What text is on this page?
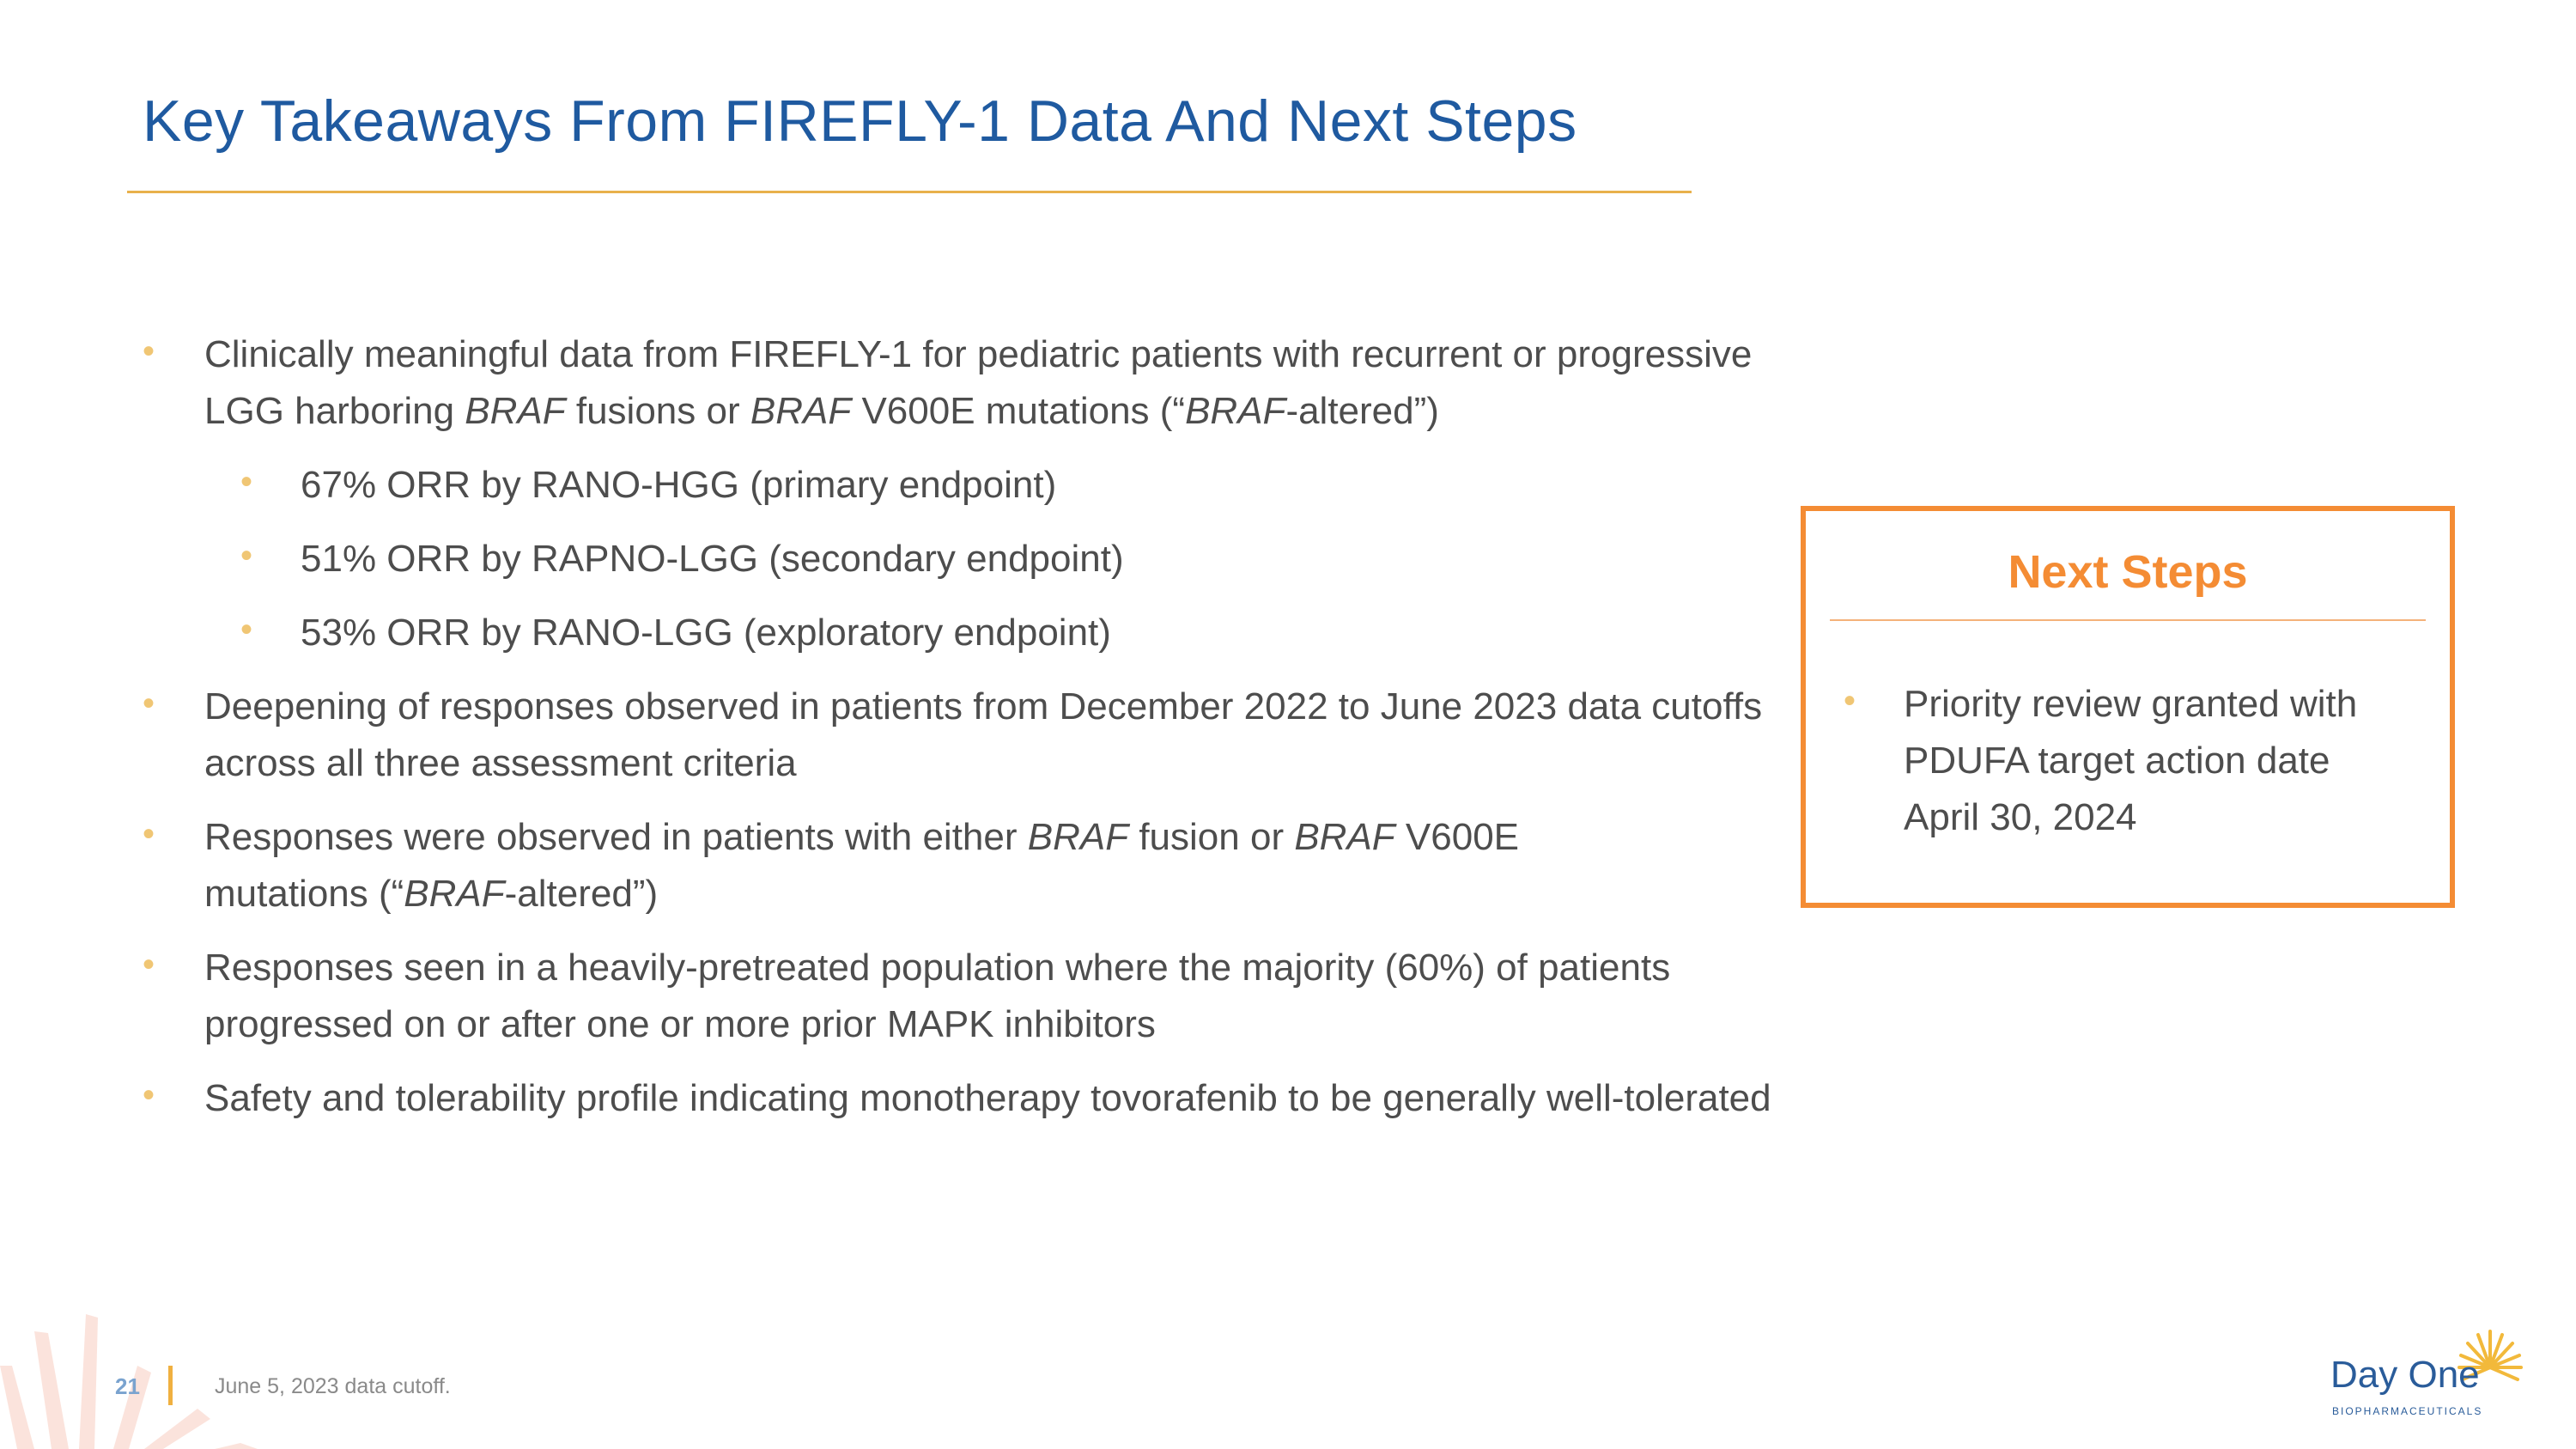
Key Takeaways From FIREFLY-1 Data And Next Steps
• Clinically meaningful data from FIREFLY-1 for pediatric patients with recurrent or progressive LGG harboring BRAF fusions or BRAF V600E mutations (“BRAF-altered”)
• 67% ORR by RANO-HGG (primary endpoint)
• 51% ORR by RAPNO-LGG (secondary endpoint)
• 53% ORR by RANO-LGG (exploratory endpoint)
• Deepening of responses observed in patients from December 2022 to June 2023 data cutoffs across all three assessment criteria
• Responses were observed in patients with either BRAF fusion or BRAF V600E mutations (“BRAF-altered”)
• Responses seen in a heavily-pretreated population where the majority (60%) of patients progressed on or after one or more prior MAPK inhibitors
• Safety and tolerability profile indicating monotherapy tovorafenib to be generally well-tolerated
Next Steps
• Priority review granted with
PDUFA target action date
April 30, 2024
21	June 5, 2023 data cutoff.	Day One
BIOPHARMACEUTICALS
